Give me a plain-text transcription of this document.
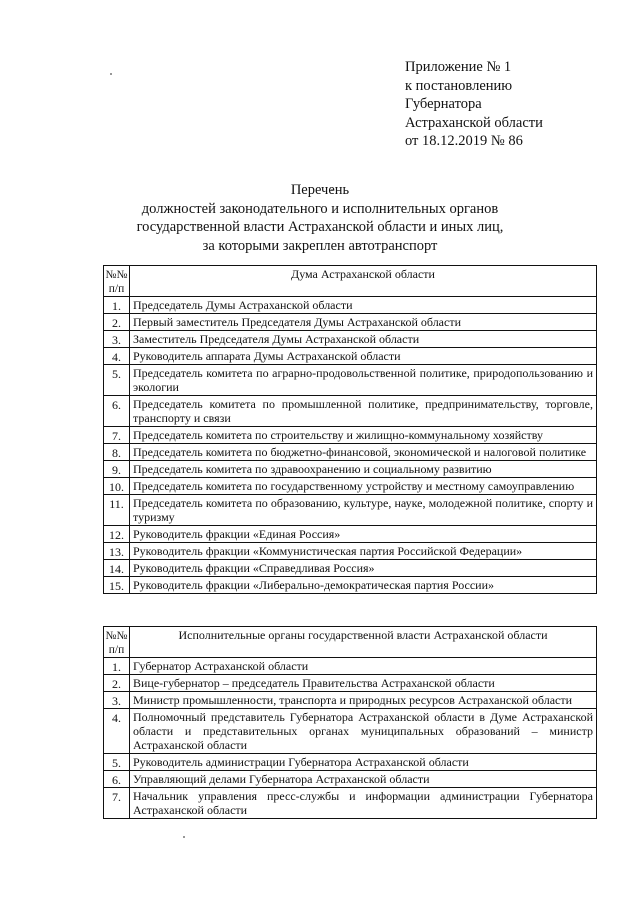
Приложение № 1
к постановлению
Губернатора
Астраханской области
от 18.12.2019 № 86
Перечень
должностей законодательного и исполнительных органов
государственной власти Астраханской области и иных лиц,
за которыми закреплен автотранспорт
№№ п/п	Дума Астраханской области
1.	Председатель Думы Астраханской области
2.	Первый заместитель Председателя Думы Астраханской области
3.	Заместитель Председателя Думы Астраханской области
4.	Руководитель аппарата Думы Астраханской области
5.	Председатель комитета по аграрно-продовольственной политике, природопользованию и экологии
6.	Председатель комитета по промышленной политике, предпринимательству, торговле, транспорту и связи
7.	Председатель комитета по строительству и жилищно-коммунальному хозяйству
8.	Председатель комитета по бюджетно-финансовой, экономической и налоговой политике
9.	Председатель комитета по здравоохранению и социальному развитию
10.	Председатель комитета по государственному устройству и местному самоуправлению
11.	Председатель комитета по образованию, культуре, науке, молодежной политике, спорту и туризму
12.	Руководитель фракции «Единая Россия»
13.	Руководитель фракции «Коммунистическая партия Российской Федерации»
14.	Руководитель фракции «Справедливая Россия»
15.	Руководитель фракции «Либерально-демократическая партия России»
№№ п/п	Исполнительные органы государственной власти Астраханской области
1.	Губернатор Астраханской области
2.	Вице-губернатор – председатель Правительства Астраханской области
3.	Министр промышленности, транспорта и природных ресурсов Астраханской области
4.	Полномочный представитель Губернатора Астраханской области в Думе Астраханской области и представительных органах муниципальных образований – министр Астраханской области
5.	Руководитель администрации Губернатора Астраханской области
6.	Управляющий делами Губернатора Астраханской области
7.	Начальник управления пресс-службы и информации администрации Губернатора Астраханской области
